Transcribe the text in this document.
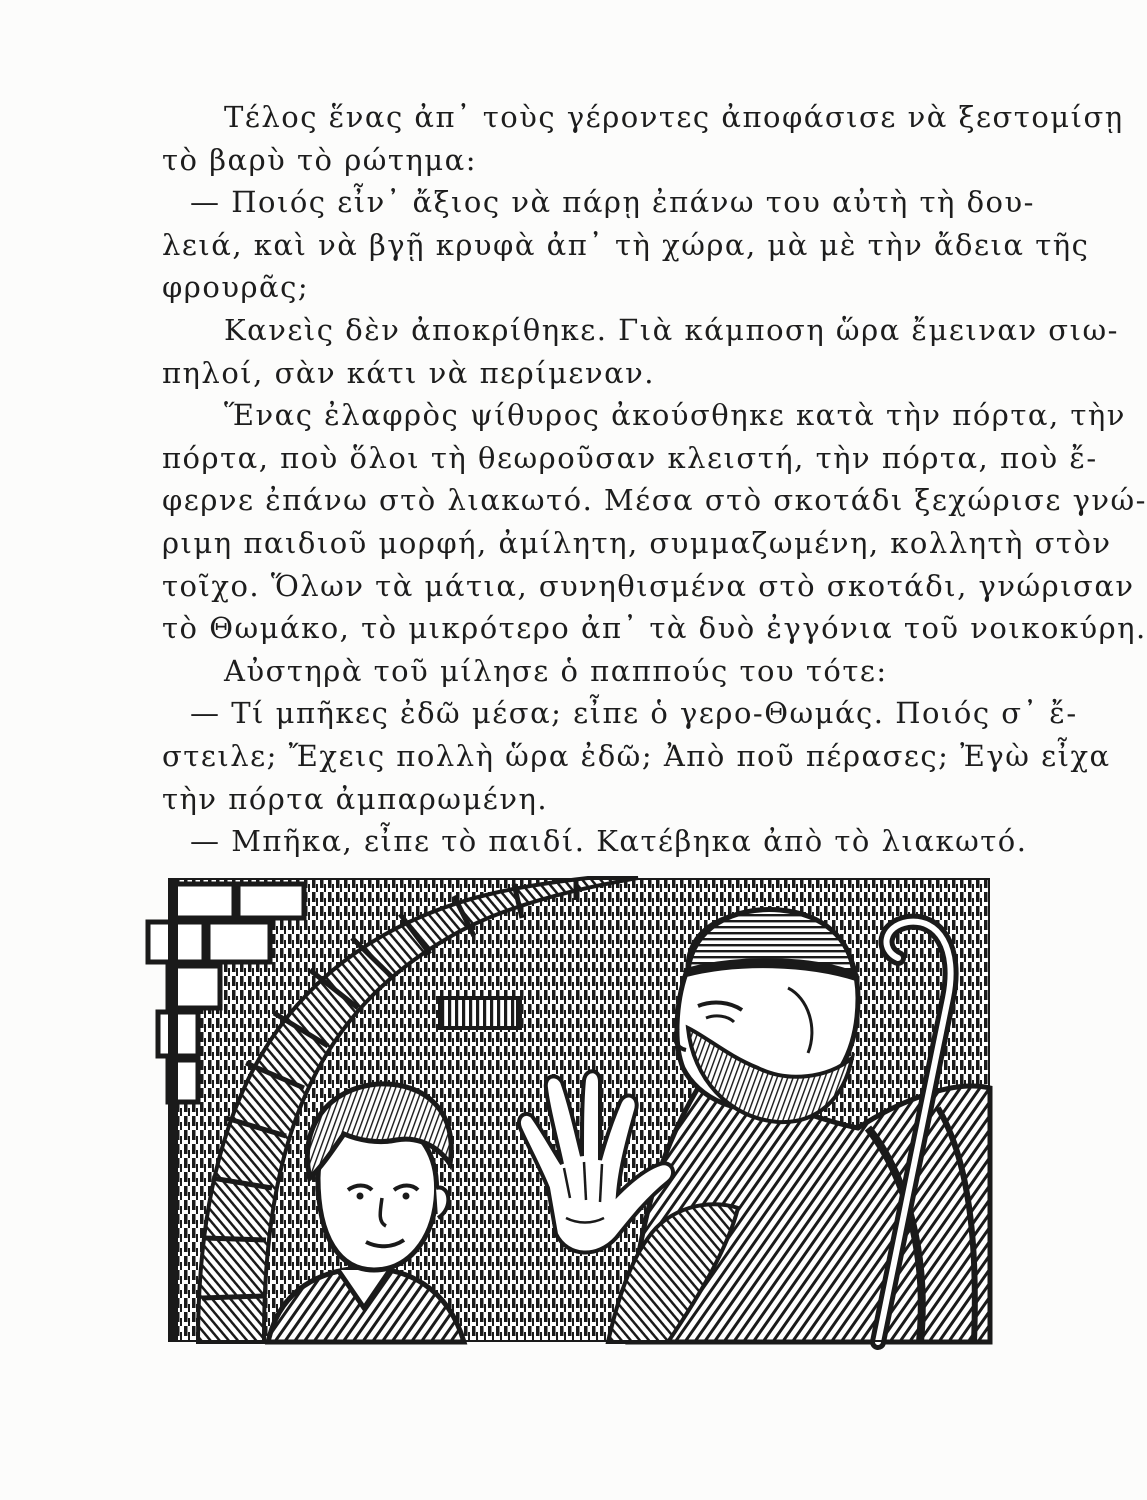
Τέλος ἕνας ἀπ᾿ τοὺς γέροντες ἀποφάσισε νὰ ξεστομίσῃ
τὸ βαρὺ τὸ ρώτημα:
— Ποιός εἶν᾿ ἄξιος νὰ πάρῃ ἐπάνω του αὐτὴ τὴ δου-
λειά, καὶ νὰ βγῇ κρυφὰ ἀπ᾿ τὴ χώρα, μὰ μὲ τὴν ἄδεια τῆς
φρουρᾶς;
Κανεὶς δὲν ἀποκρίθηκε. Γιὰ κάμποση ὥρα ἔμειναν σιω-
πηλοί, σὰν κάτι νὰ περίμεναν.
Ἕνας ἐλαφρὸς ψίθυρος ἀκούσθηκε κατὰ τὴν πόρτα, τὴν
πόρτα, ποὺ ὅλοι τὴ θεωροῦσαν κλειστή, τὴν πόρτα, ποὺ ἔ-
φερνε ἐπάνω στὸ λιακωτό. Μέσα στὸ σκοτάδι ξεχώρισε γνώ-
ριμη παιδιοῦ μορφή, ἀμίλητη, συμμαζωμένη, κολλητὴ στὸν
τοῖχο. Ὅλων τὰ μάτια, συνηθισμένα στὸ σκοτάδι, γνώρισαν
τὸ Θωμάκο, τὸ μικρότερο ἀπ᾿ τὰ δυὸ ἐγγόνια τοῦ νοικοκύρη.
Αὐστηρὰ τοῦ μίλησε ὁ παππούς του τότε:
— Τί μπῆκες ἐδῶ μέσα; εἶπε ὁ γερο-Θωμάς. Ποιός σ᾿ ἔ-
στειλε; Ἔχεις πολλὴ ὥρα ἐδῶ; Ἀπὸ ποῦ πέρασες; Ἐγὼ εἶχα
τὴν πόρτα ἀμπαρωμένη.
— Μπῆκα, εἶπε τὸ παιδί. Κατέβηκα ἀπὸ τὸ λιακωτό.
